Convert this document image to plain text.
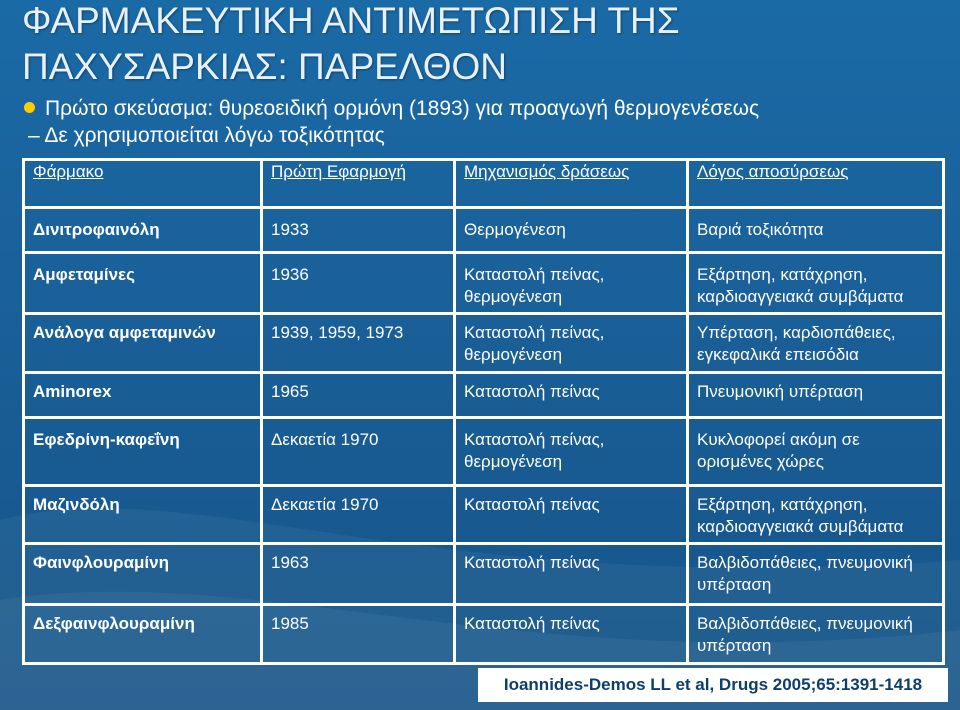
ΦΑΡΜΑΚΕΥΤΙΚΗ ΑΝΤΙΜΕΤΩΠΙΣΗ ΤΗΣ
ΠΑΧΥΣΑΡΚΙΑΣ: ΠΑΡΕΛΘΟΝ
Πρώτο σκεύασμα: θυρεοειδική ορμόνη (1893) για προαγωγή θερμογενέσεως
– Δε χρησιμοποιείται λόγω τοξικότητας
Φάρμακο	Πρώτη Εφαρμογή	Μηχανισμός δράσεως	Λόγος αποσύρσεως

Δινιτροφαινόλη	1933	Θερμογένεση	Βαριά τοξικότητα

Αμφεταμίνες	1936	Καταστολή πείνας, θερμογένεση	Εξάρτηση, κατάχρηση, καρδιοαγγειακά συμβάματα

Ανάλογα αμφεταμινών	1939, 1959, 1973	Καταστολή πείνας, θερμογένεση	Υπέρταση, καρδιοπάθειες, εγκεφαλικά επεισόδια

Aminorex	1965	Καταστολή πείνας	Πνευμονική υπέρταση

Εφεδρίνη-καφεΐνη	Δεκαετία 1970	Καταστολή πείνας, θερμογένεση	Κυκλοφορεί ακόμη σε ορισμένες χώρες

Μαζινδόλη	Δεκαετία 1970	Καταστολή πείνας	Εξάρτηση, κατάχρηση, καρδιοαγγειακά συμβάματα

Φαινφλουραμίνη	1963	Καταστολή πείνας	Βαλβιδοπάθειες, πνευμονική υπέρταση

Δεξφαινφλουραμίνη	1985	Καταστολή πείνας	Βαλβιδοπάθειες, πνευμονική υπέρταση
Ioannides-Demos LL et al, Drugs 2005;65:1391-1418
